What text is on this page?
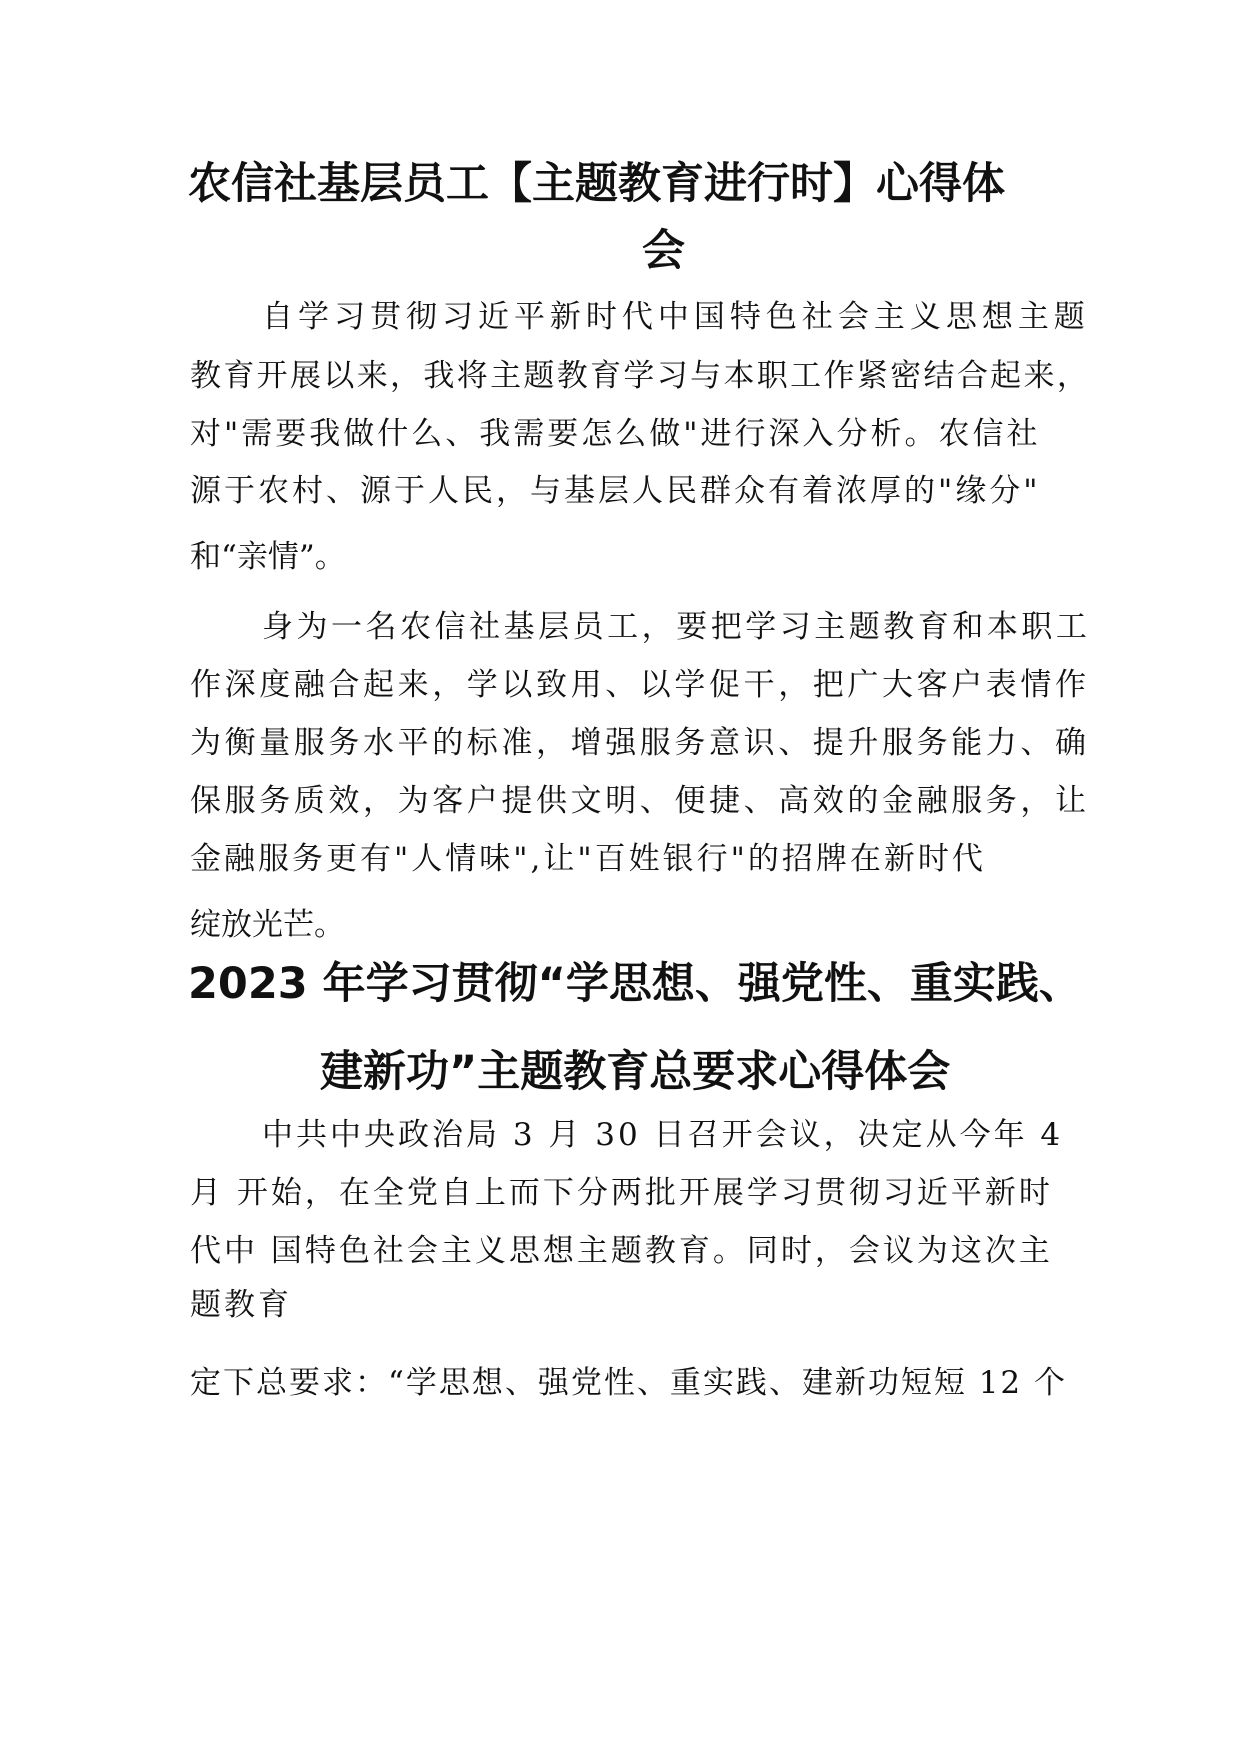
农信社基层员工【主题教育进行时】心得体
会

自学习贯彻习近平新时代中国特色社会主义思想主题

教育开展以来，我将主题教育学习与本职工作紧密结合起来，

对"需要我做什么、我需要怎么做"进行深入分析。农信社

源于农村、源于人民，与基层人民群众有着浓厚的"缘分"

和“亲情”。

身为一名农信社基层员工，要把学习主题教育和本职工

作深度融合起来，学以致用、以学促干，把广大客户表情作

为衡量服务水平的标准，增强服务意识、提升服务能力、确

保服务质效，为客户提供文明、便捷、高效的金融服务，让

金融服务更有"人情味",让"百姓银行"的招牌在新时代

绽放光芒。

2023 年学习贯彻“学思想、强党性、重实践、
建新功”主题教育总要求心得体会

中共中央政治局 3 月 30 日召开会议，决定从今年 4

月 开始，在全党自上而下分两批开展学习贯彻习近平新时

代中 国特色社会主义思想主题教育。同时，会议为这次主

题教育

定下总要求：“学思想、强党性、重实践、建新功短短 12 个
